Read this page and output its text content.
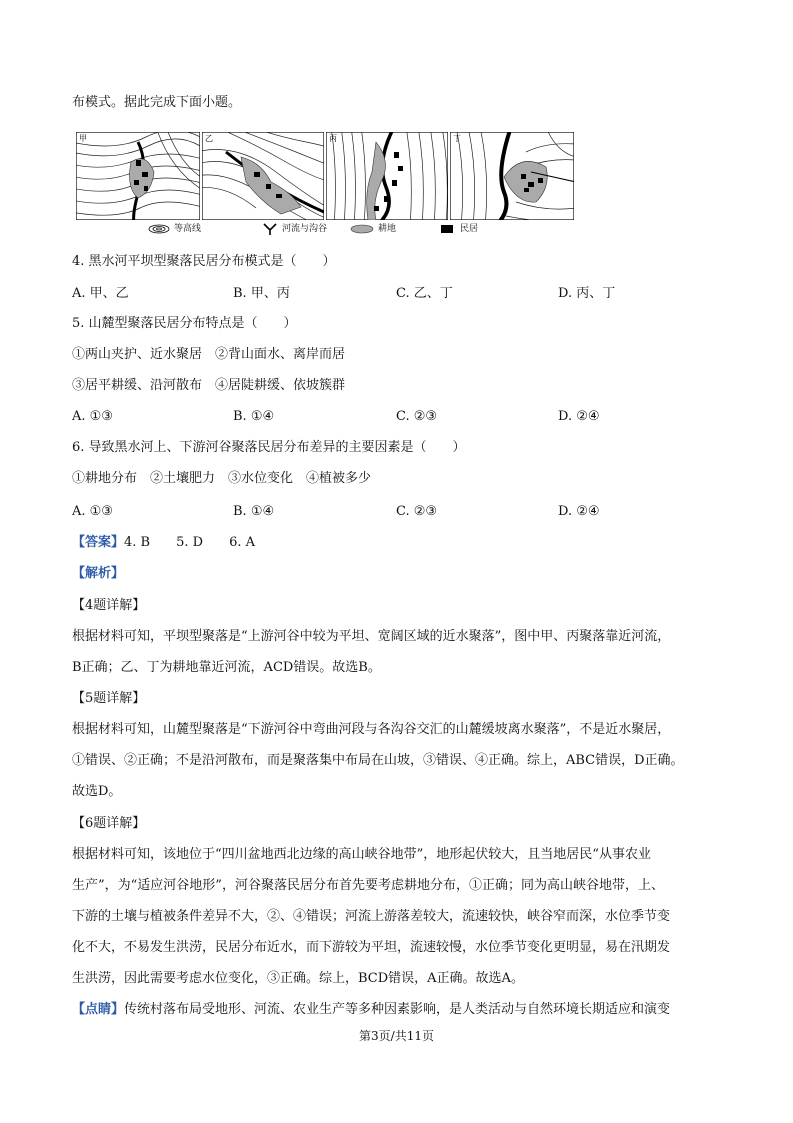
布模式。据此完成下面小题。
甲	乙	丙	丁
等高线	河流与沟谷	耕地	民居
4. 黑水河平坝型聚落民居分布模式是（　　）
A. 甲、乙	B. 甲、丙	C. 乙、丁	D. 丙、丁
5. 山麓型聚落民居分布特点是（　　）
①两山夹护、近水聚居　②背山面水、离岸而居
③居平耕缓、沿河散布　④居陡耕缓、依坡簇群
A. ①③	B. ①④	C. ②③	D. ②④
6. 导致黑水河上、下游河谷聚落民居分布差异的主要因素是（　　）
①耕地分布　②土壤肥力　③水位变化　④植被多少
A. ①③	B. ①④	C. ②③	D. ②④
【答案】4. B　　5. D　　6. A
【解析】
【4题详解】
根据材料可知，平坝型聚落是“上游河谷中较为平坦、宽阔区域的近水聚落”，图中甲、丙聚落靠近河流，
B正确；乙、丁为耕地靠近河流，ACD错误。故选B。
【5题详解】
根据材料可知，山麓型聚落是“下游河谷中弯曲河段与各沟谷交汇的山麓缓坡离水聚落”，不是近水聚居，
①错误、②正确；不是沿河散布，而是聚落集中布局在山坡，③错误、④正确。综上，ABC错误，D正确。
故选D。
【6题详解】
根据材料可知，该地位于“四川盆地西北边缘的高山峡谷地带”，地形起伏较大，且当地居民“从事农业
生产”，为“适应河谷地形”，河谷聚落民居分布首先要考虑耕地分布，①正确；同为高山峡谷地带，上、
下游的土壤与植被条件差异不大，②、④错误；河流上游落差较大，流速较快，峡谷窄而深，水位季节变
化不大，不易发生洪涝，民居分布近水，而下游较为平坦，流速较慢，水位季节变化更明显，易在汛期发
生洪涝，因此需要考虑水位变化，③正确。综上，BCD错误，A正确。故选A。
【点睛】传统村落布局受地形、河流、农业生产等多种因素影响，是人类活动与自然环境长期适应和演变
第3页/共11页
